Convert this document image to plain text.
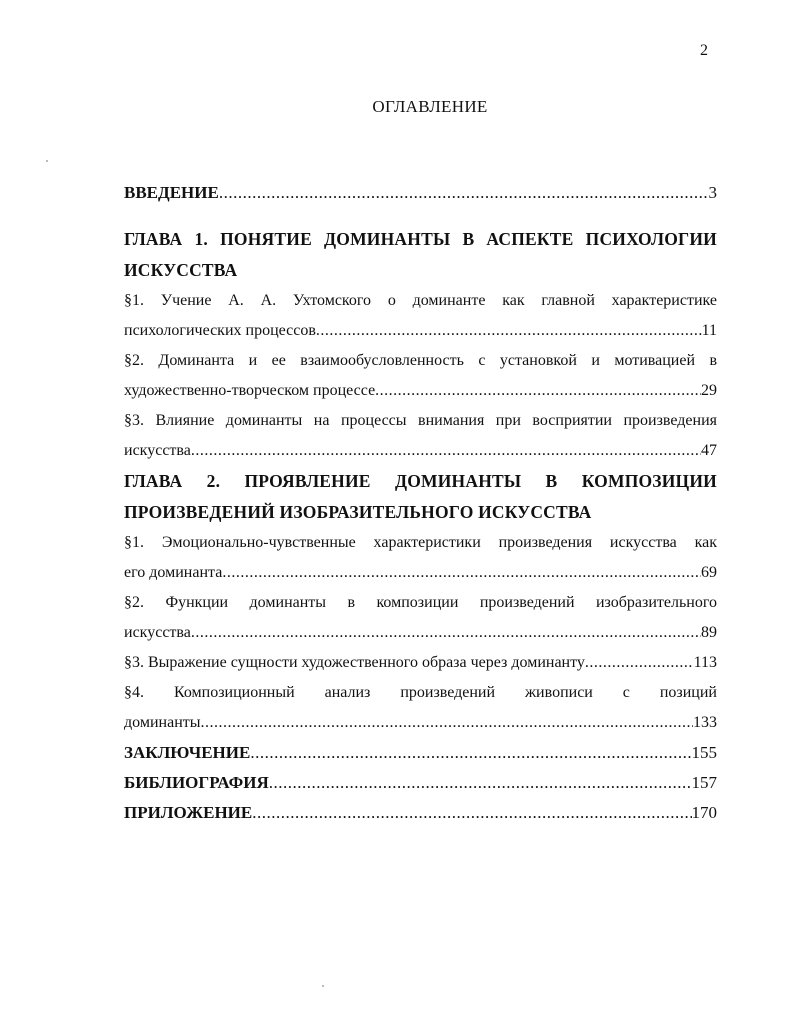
2
ОГЛАВЛЕНИЕ
ВВЕДЕНИЕ .....	3
ГЛАВА 1. ПОНЯТИЕ ДОМИНАНТЫ В АСПЕКТЕ ПСИХОЛОГИИ
ИСКУССТВА
§1. Учение А. А. Ухтомского о доминанте как главной характеристике
психологических процессов .....	11
§2. Доминанта и ее взаимообусловленность с установкой и мотивацией в
художественно-творческом процессе .....	29
§3. Влияние доминанты на процессы внимания при восприятии произведения
искусства .....	47
ГЛАВА 2. ПРОЯВЛЕНИЕ ДОМИНАНТЫ В КОМПОЗИЦИИ
ПРОИЗВЕДЕНИЙ ИЗОБРАЗИТЕЛЬНОГО ИСКУССТВА
§1. Эмоционально-чувственные характеристики произведения искусства как
его доминанта .....	69
§2. Функции доминанты в композиции произведений изобразительного
искусства .....	89
§3. Выражение сущности художественного образа через доминанту .....	113
§4. Композиционный анализ произведений живописи с позиций
доминанты .....	133
ЗАКЛЮЧЕНИЕ .....	155
БИБЛИОГРАФИЯ .....	157
ПРИЛОЖЕНИЕ .....	170
